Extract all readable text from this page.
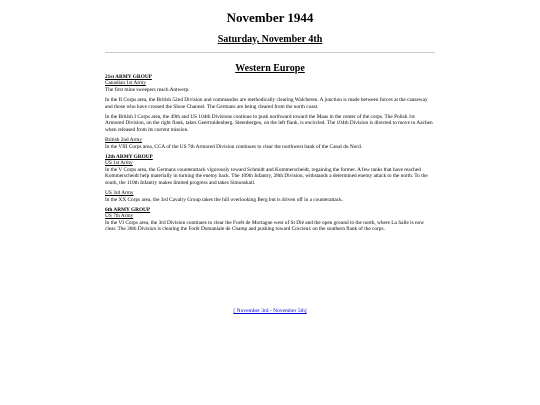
November 1944
Saturday, November 4th
Western Europe
21st ARMY GROUP
Canadian 1st Army

The first mine sweepers reach Antwerp.

In the II Corps area, the British 52nd Division and commandos are methodically clearing Walcheren. A junction is made between forces at the causeway and those who have crossed the Slooe Channel. The Germans are being cleared from the north coast.

In the British I Corps area, the 49th and US 104th Divisions continue to push northward toward the Maas in the center of the corps. The Polish 1st Armored Division, on the right flank, takes Geertruidenberg. Steenbergen, on the left flank, is encircled. The 104th Division is directed to move to Aachen when released from its current mission.

British 2nd Army

In the VIII Corps area, CCA of the US 7th Armored Division continues to clear the northwest bank of the Canal du Nord.

12th ARMY GROUP
US 1st Army

In the V Corps area, the Germans counterattack vigorously toward Schmidt and Kommerscheidt, regaining the former. A few tanks that have reached Kommerscheidt help materially in turning the enemy back. The 109th Infantry, 28th Division, withstands a determined enemy attack to the north. To the south, the 110th Infantry makes limited progress and takes Simonskall.

US 3rd Army

In the XX Corps area, the 3rd Cavalry Group takes the hill overlooking Berg but is driven off in a counterattack.

6th ARMY GROUP
US 7th Army

In the VI Corps area, the 3rd Division continues to clear the Forêt de Mortagne west of St Dié and the open ground to the north, where La Salle is now clear. The 36th Division is clearing the Forêt Domaniale de Champ and pushing toward Corcieux on the southern flank of the corps.

[ November 3rd - November 5th]
